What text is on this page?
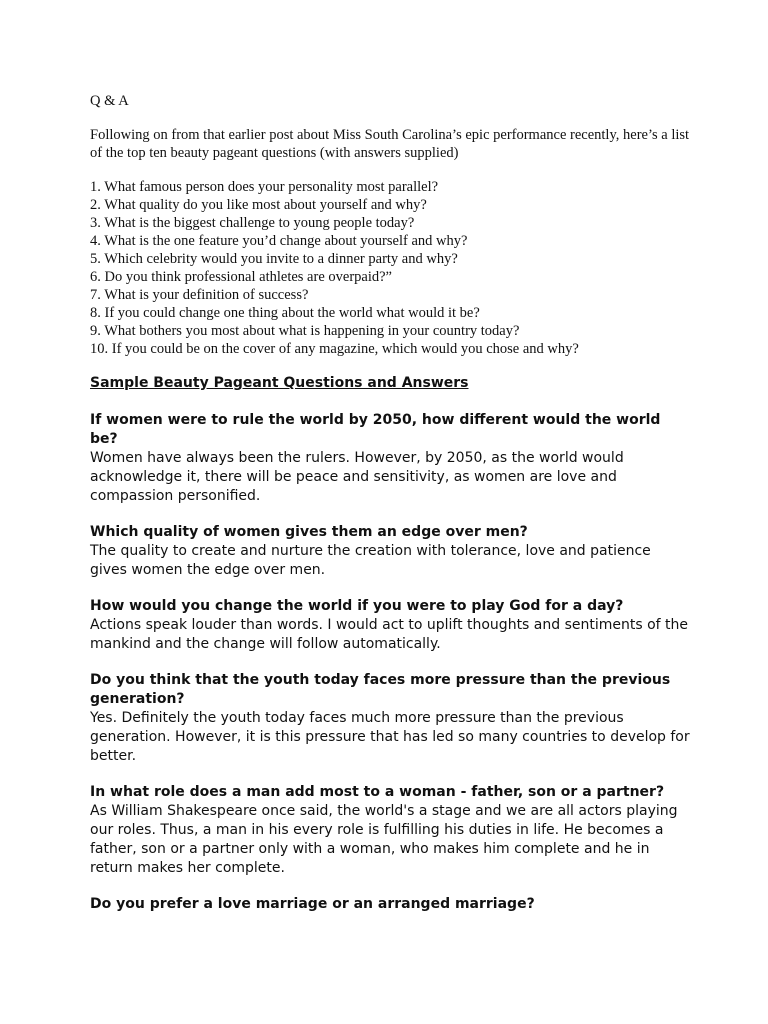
Q & A

Following on from that earlier post about Miss South Carolina’s epic performance recently, here’s a list of the top ten beauty pageant questions (with answers supplied)

1. What famous person does your personality most parallel?
2. What quality do you like most about yourself and why?
3. What is the biggest challenge to young people today?
4. What is the one feature you’d change about yourself and why?
5. Which celebrity would you invite to a dinner party and why?
6. Do you think professional athletes are overpaid?”
7. What is your definition of success?
8. If you could change one thing about the world what would it be?
9. What bothers you most about what is happening in your country today?
10. If you could be on the cover of any magazine, which would you chose and why?

Sample Beauty Pageant Questions and Answers

If women were to rule the world by 2050, how different would the world be?

Women have always been the rulers. However, by 2050, as the world would acknowledge it, there will be peace and sensitivity, as women are love and compassion personified.

Which quality of women gives them an edge over men?

The quality to create and nurture the creation with tolerance, love and patience gives women the edge over men.

How would you change the world if you were to play God for a day?

Actions speak louder than words. I would act to uplift thoughts and sentiments of the mankind and the change will follow automatically.

Do you think that the youth today faces more pressure than the previous generation?

Yes. Definitely the youth today faces much more pressure than the previous generation. However, it is this pressure that has led so many countries to develop for better.

In what role does a man add most to a woman - father, son or a partner?

As William Shakespeare once said, the world's a stage and we are all actors playing our roles. Thus, a man in his every role is fulfilling his duties in life. He becomes a father, son or a partner only with a woman, who makes him complete and he in return makes her complete.

Do you prefer a love marriage or an arranged marriage?
